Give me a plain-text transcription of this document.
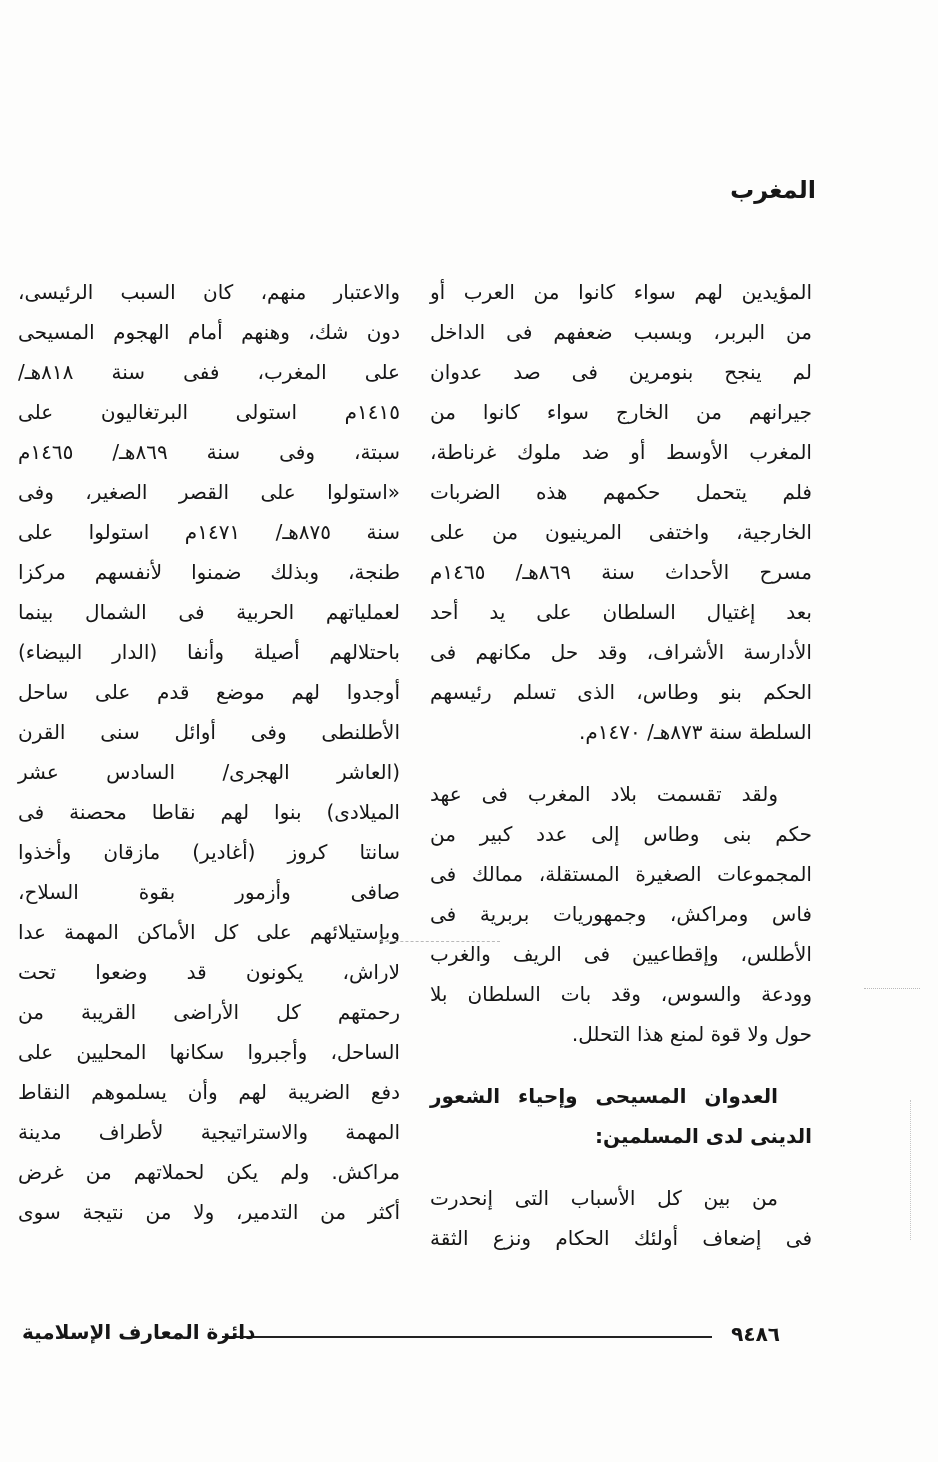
المغرب
المؤيدين لهم سواء كانوا من العرب أو
من البربر، وبسبب ضعفهم فى الداخل
لم ينجح بنومرين فى صد عدوان
جيرانهم من الخارج سواء كانوا من
المغرب الأوسط أو ضد ملوك غرناطة،
فلم يتحمل حكمهم هذه الضربات
الخارجية، واختفى المرينيون من على
مسرح الأحداث سنة ٨٦٩هـ/ ١٤٦٥م
بعد إغتيال السلطان على يد أحد
الأدارسة الأشراف، وقد حل مكانهم فى
الحكم بنو وطاس، الذى تسلم رئيسهم
السلطة سنة ٨٧٣هـ/ ١٤٧٠م.
ولقد تقسمت بلاد المغرب فى عهد
حكم بنى وطاس إلى عدد كبير من
المجموعات الصغيرة المستقلة، ممالك فى
فاس ومراكش، وجمهوريات بربرية فى
الأطلس، وإقطاعيين فى الريف والغرب
وودعة والسوس، وقد بات السلطان بلا
حول ولا قوة لمنع هذا التحلل.
العدوان المسيحى وإحياء الشعور
الدينى لدى المسلمين:
من بين كل الأسباب التى إنحدرت
فى إضعاف أولئك الحكام ونزع الثقة
والاعتبار منهم، كان السبب الرئيسى،
دون شك، وهنهم أمام الهجوم المسيحى
على المغرب، ففى سنة ٨١٨هـ/
١٤١٥م استولى البرتغاليون على
سبتة، وفى سنة ٨٦٩هـ/ ١٤٦٥م
«استولوا على القصر الصغير، وفى
سنة ٨٧٥هـ/ ١٤٧١م استولوا على
طنجة، وبذلك ضمنوا لأنفسهم مركزا
لعملياتهم الحربية فى الشمال بينما
باحتلالهم أصيلة وأنفا (الدار البيضاء)
أوجدوا لهم موضع قدم على ساحل
الأطلنطى وفى أوائل سنى القرن
(العاشر الهجرى/ السادس عشر
الميلادى) بنوا لهم نقاطا محصنة فى
سانتا كروز (أغادير) مازقان وأخذوا
صافى وأزمور بقوة السلاح،
وبإستيلائهم على كل الأماكن المهمة عدا
لاراش، يكونون قد وضعوا تحت
رحمتهم كل الأراضى القريبة من
الساحل، وأجبروا سكانها المحليين على
دفع الضريبة لهم وأن يسلموهم النقاط
المهمة والاستراتيجية لأطراف مدينة
مراكش. ولم يكن لحملاتهم من غرض
أكثر من التدمير، ولا من نتيجة سوى
٩٤٨٦
دائرة المعارف الإسلامية
